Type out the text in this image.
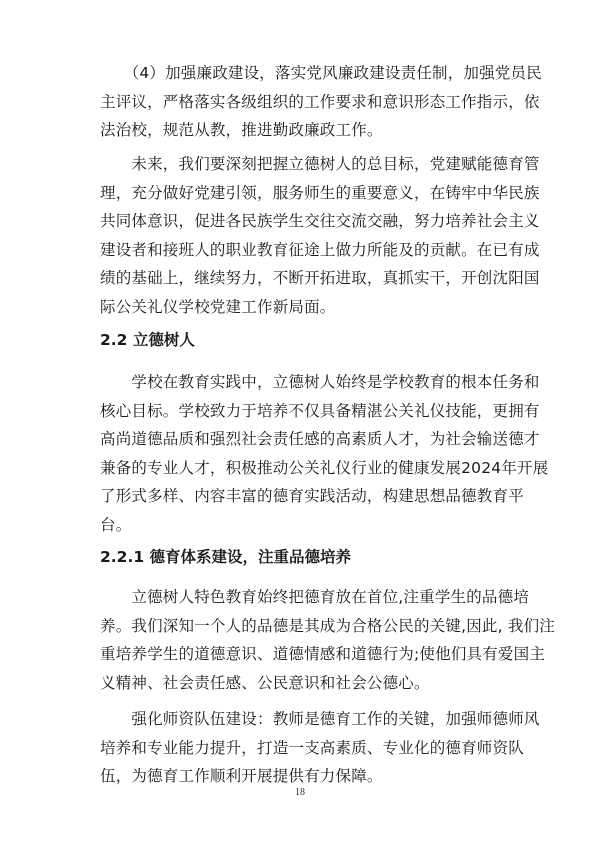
　　（4）加强廉政建设，落实党风廉政建设责任制，加强党员民
主评议，严格落实各级组织的工作要求和意识形态工作指示，依
法治校，规范从教，推进勤政廉政工作。
　　未来，我们要深刻把握立德树人的总目标，党建赋能德育管
理，充分做好党建引领，服务师生的重要意义，在铸牢中华民族
共同体意识，促进各民族学生交往交流交融，努力培养社会主义
建设者和接班人的职业教育征途上做力所能及的贡献。在已有成
绩的基础上，继续努力，不断开拓进取，真抓实干，开创沈阳国
际公关礼仪学校党建工作新局面。
2.2 立德树人
　　学校在教育实践中，立德树人始终是学校教育的根本任务和
核心目标。学校致力于培养不仅具备精湛公关礼仪技能，更拥有
高尚道德品质和强烈社会责任感的高素质人才，为社会输送德才
兼备的专业人才，积极推动公关礼仪行业的健康发展2024年开展
了形式多样、内容丰富的德育实践活动，构建思想品德教育平
台。
2.2.1 德育体系建设，注重品德培养
　　立德树人特色教育始终把德育放在首位,注重学生的品德培
养。我们深知一个人的品德是其成为合格公民的关键,因此, 我们注
重培养学生的道德意识、道德情感和道德行为;使他们具有爱国主
义精神、社会责任感、公民意识和社会公德心。
　　强化师资队伍建设：教师是德育工作的关键，加强师德师风
培养和专业能力提升，打造一支高素质、专业化的德育师资队
伍，为德育工作顺利开展提供有力保障。
18
